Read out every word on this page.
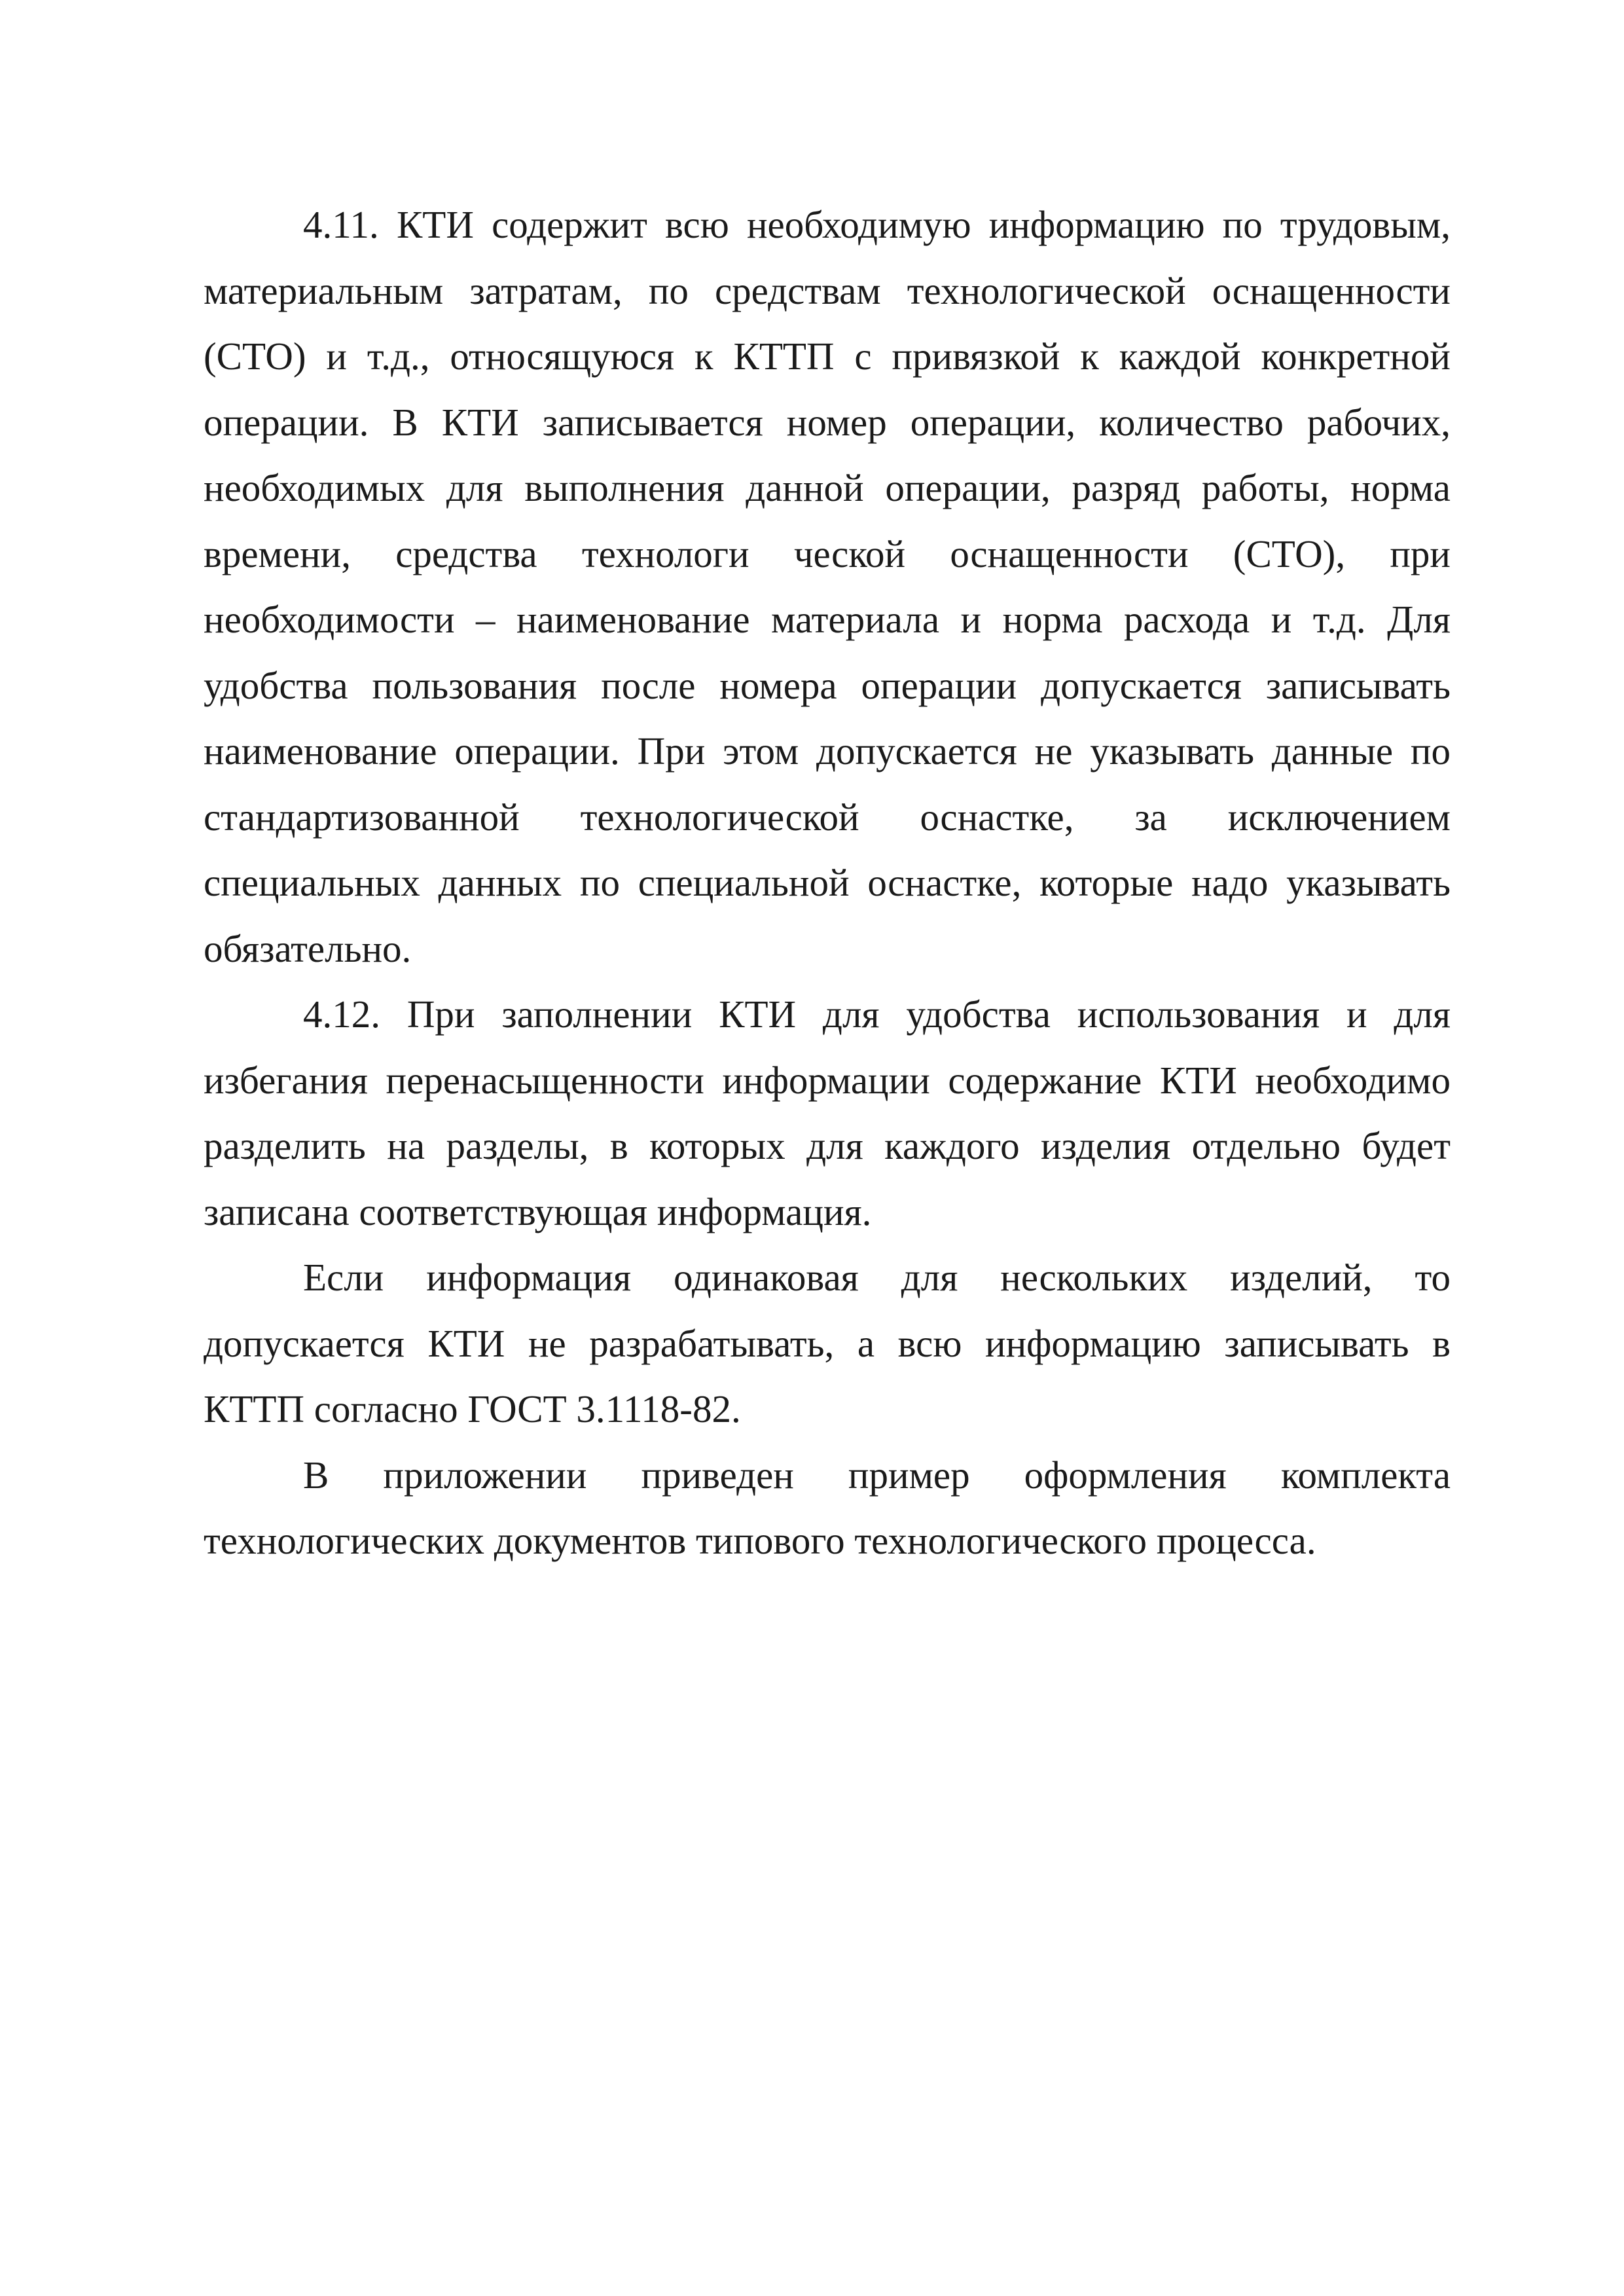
4.11. КТИ содержит всю необходимую информацию по трудовым, материальным затратам, по средствам технологической оснащенности (СТО) и т.д., относящуюся к КТТП с привязкой к каждой конкретной операции. В КТИ записывается номер операции, количество рабочих, необходимых для выполнения данной операции, разряд работы, норма времени, средства технологи ческой оснащенности (СТО), при необходимости – наименование материала и норма расхода и т.д. Для удобства пользования после номера операции допускается записывать наименование операции. При этом допускается не указывать данные по стандартизованной технологической оснастке, за исключением специальных данных по специальной оснастке, которые надо указывать обязательно.

4.12. При заполнении КТИ для удобства использования и для избегания перенасыщенности информации содержание КТИ необходимо разделить на разделы, в которых для каждого изделия отдельно будет записана соответствующая информация.

Если информация одинаковая для нескольких изделий, то допускается КТИ не разрабатывать, а всю информацию записывать в КТТП согласно ГОСТ 3.1118-82.

В приложении приведен пример оформления комплекта технологических документов типового технологического процесса.
